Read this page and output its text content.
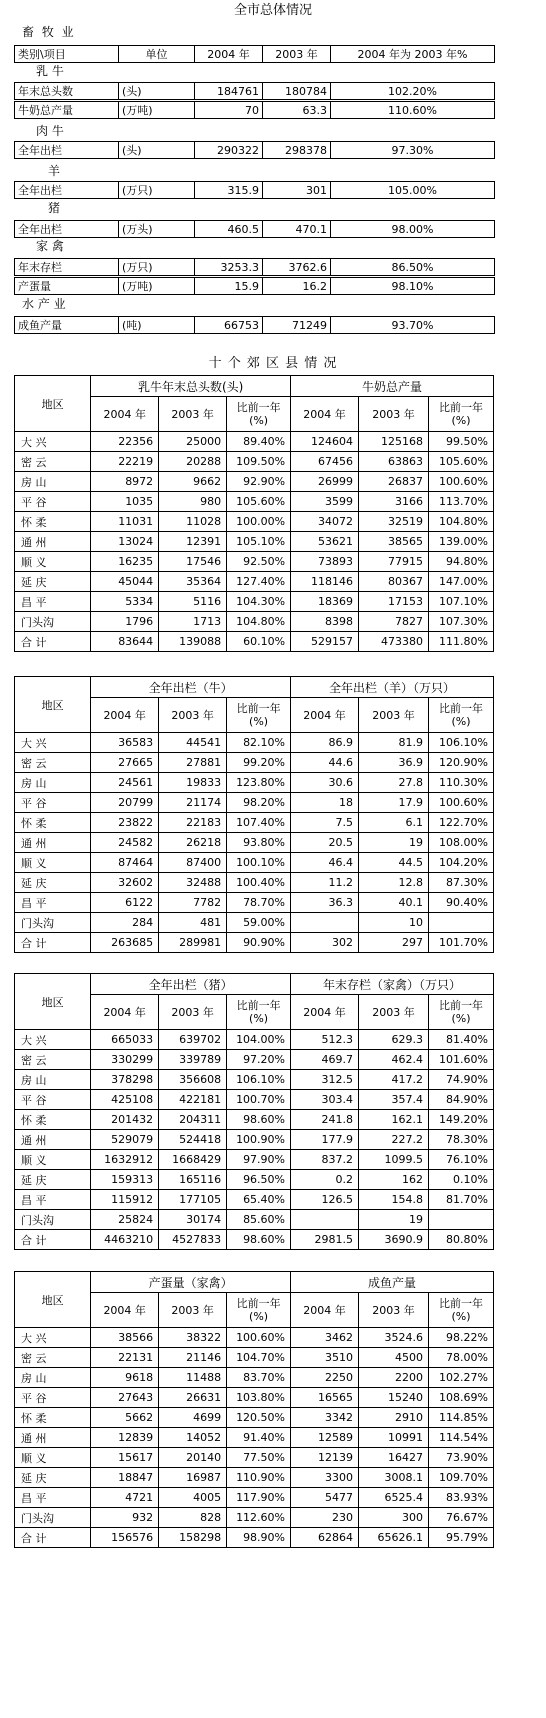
全市总体情况
畜 牧 业
类别\项目	单位	2004 年	2003 年	2004 年为 2003 年%
乳 牛
年末总头数	(头)	184761	180784	102.20%
牛奶总产量	(万吨)	70	63.3	110.60%
肉 牛
全年出栏	(头)	290322	298378	97.30%
羊
全年出栏	(万只)	315.9	301	105.00%
猪
全年出栏	(万头)	460.5	470.1	98.00%
家 禽
年末存栏	(万只)	3253.3	3762.6	86.50%
产蛋量	(万吨)	15.9	16.2	98.10%
水 产 业
成鱼产量	(吨)	66753	71249	93.70%
十 个 郊 区 县 情 况
地区	乳牛年末总头数(头)			牛奶总产量		
	2004 年	2003 年	比前一年(%)	2004 年	2003 年	比前一年(%)
大 兴	22356	25000	89.40%	124604	125168	99.50%
密 云	22219	20288	109.50%	67456	63863	105.60%
房 山	8972	9662	92.90%	26999	26837	100.60%
平 谷	1035	980	105.60%	3599	3166	113.70%
怀 柔	11031	11028	100.00%	34072	32519	104.80%
通 州	13024	12391	105.10%	53621	38565	139.00%
顺 义	16235	17546	92.50%	73893	77915	94.80%
延 庆	45044	35364	127.40%	118146	80367	147.00%
昌 平	5334	5116	104.30%	18369	17153	107.10%
门头沟	1796	1713	104.80%	8398	7827	107.30%
合 计	83644	139088	60.10%	529157	473380	111.80%
地区	全年出栏（牛）			全年出栏（羊）（万只）		
	2004 年	2003 年	比前一年(%)	2004 年	2003 年	比前一年(%)
大 兴	36583	44541	82.10%	86.9	81.9	106.10%
密 云	27665	27881	99.20%	44.6	36.9	120.90%
房 山	24561	19833	123.80%	30.6	27.8	110.30%
平 谷	20799	21174	98.20%	18	17.9	100.60%
怀 柔	23822	22183	107.40%	7.5	6.1	122.70%
通 州	24582	26218	93.80%	20.5	19	108.00%
顺 义	87464	87400	100.10%	46.4	44.5	104.20%
延 庆	32602	32488	100.40%	11.2	12.8	87.30%
昌 平	6122	7782	78.70%	36.3	40.1	90.40%
门头沟	284	481	59.00%		10	
合 计	263685	289981	90.90%	302	297	101.70%
地区	全年出栏（猪）			年末存栏（家禽）（万只）		
	2004 年	2003 年	比前一年(%)	2004 年	2003 年	比前一年(%)
大 兴	665033	639702	104.00%	512.3	629.3	81.40%
密 云	330299	339789	97.20%	469.7	462.4	101.60%
房 山	378298	356608	106.10%	312.5	417.2	74.90%
平 谷	425108	422181	100.70%	303.4	357.4	84.90%
怀 柔	201432	204311	98.60%	241.8	162.1	149.20%
通 州	529079	524418	100.90%	177.9	227.2	78.30%
顺 义	1632912	1668429	97.90%	837.2	1099.5	76.10%
延 庆	159313	165116	96.50%	0.2	162	0.10%
昌 平	115912	177105	65.40%	126.5	154.8	81.70%
门头沟	25824	30174	85.60%		19	
合 计	4463210	4527833	98.60%	2981.5	3690.9	80.80%
地区	产蛋量（家禽）			成鱼产量		
	2004 年	2003 年	比前一年(%)	2004 年	2003 年	比前一年(%)
大 兴	38566	38322	100.60%	3462	3524.6	98.22%
密 云	22131	21146	104.70%	3510	4500	78.00%
房 山	9618	11488	83.70%	2250	2200	102.27%
平 谷	27643	26631	103.80%	16565	15240	108.69%
怀 柔	5662	4699	120.50%	3342	2910	114.85%
通 州	12839	14052	91.40%	12589	10991	114.54%
顺 义	15617	20140	77.50%	12139	16427	73.90%
延 庆	18847	16987	110.90%	3300	3008.1	109.70%
昌 平	4721	4005	117.90%	5477	6525.4	83.93%
门头沟	932	828	112.60%	230	300	76.67%
合 计	156576	158298	98.90%	62864	65626.1	95.79%
